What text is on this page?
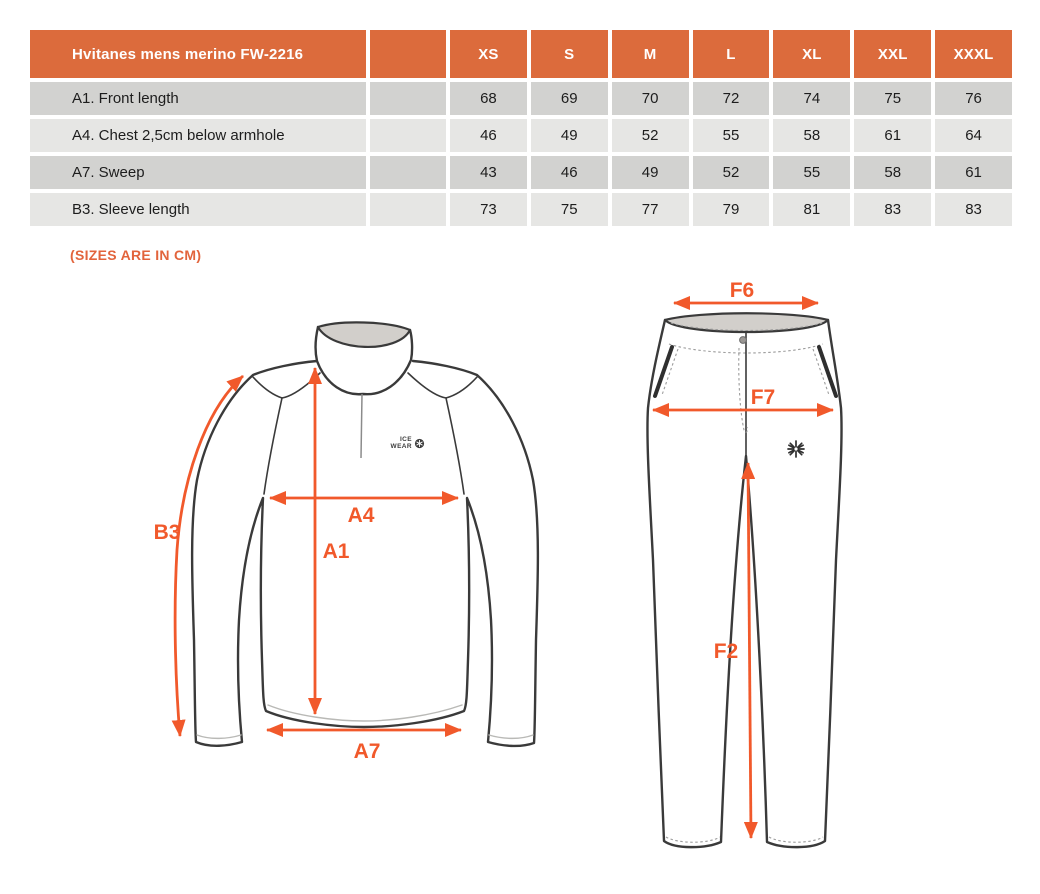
Hvitanes mens merino FW-2216	XS	S	M	L	XL	XXL	XXXL
A1. Front length	68	69	70	72	74	75	76
A4. Chest 2,5cm below armhole	46	49	52	55	58	61	64
A7. Sweep	43	46	49	52	55	58	61
B3. Sleeve length	73	75	77	79	81	83	83
(SIZES ARE IN CM)
ICE
WEAR
B3
A4
A1
A7
F6
F7
F2
